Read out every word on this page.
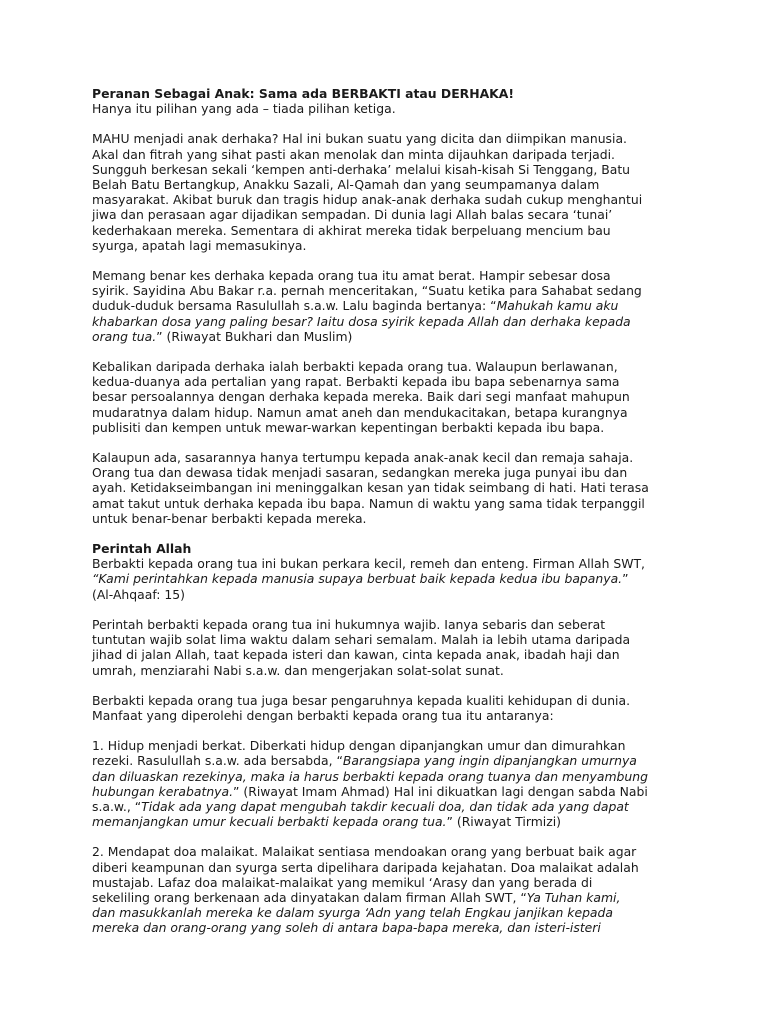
Peranan Sebagai Anak: Sama ada BERBAKTI atau DERHAKA!
Hanya itu pilihan yang ada – tiada pilihan ketiga.
MAHU menjadi anak derhaka? Hal ini bukan suatu yang dicita dan diimpikan manusia.
Akal dan fitrah yang sihat pasti akan menolak dan minta dijauhkan daripada terjadi.
Sungguh berkesan sekali ‘kempen anti-derhaka’ melalui kisah-kisah Si Tenggang, Batu
Belah Batu Bertangkup, Anakku Sazali, Al-Qamah dan yang seumpamanya dalam
masyarakat. Akibat buruk dan tragis hidup anak-anak derhaka sudah cukup menghantui
jiwa dan perasaan agar dijadikan sempadan. Di dunia lagi Allah balas secara ‘tunai’
kederhakaan mereka. Sementara di akhirat mereka tidak berpeluang mencium bau
syurga, apatah lagi memasukinya.
Memang benar kes derhaka kepada orang tua itu amat berat. Hampir sebesar dosa
syirik. Sayidina Abu Bakar r.a. pernah menceritakan, “Suatu ketika para Sahabat sedang
duduk-duduk bersama Rasulullah s.a.w. Lalu baginda bertanya: “Mahukah kamu aku
khabarkan dosa yang paling besar? Iaitu dosa syirik kepada Allah dan derhaka kepada
orang tua.” (Riwayat Bukhari dan Muslim)
Kebalikan daripada derhaka ialah berbakti kepada orang tua. Walaupun berlawanan,
kedua-duanya ada pertalian yang rapat. Berbakti kepada ibu bapa sebenarnya sama
besar persoalannya dengan derhaka kepada mereka. Baik dari segi manfaat mahupun
mudaratnya dalam hidup. Namun amat aneh dan mendukacitakan, betapa kurangnya
publisiti dan kempen untuk mewar-warkan kepentingan berbakti kepada ibu bapa.
Kalaupun ada, sasarannya hanya tertumpu kepada anak-anak kecil dan remaja sahaja.
Orang tua dan dewasa tidak menjadi sasaran, sedangkan mereka juga punyai ibu dan
ayah. Ketidakseimbangan ini meninggalkan kesan yan tidak seimbang di hati. Hati terasa
amat takut untuk derhaka kepada ibu bapa. Namun di waktu yang sama tidak terpanggil
untuk benar-benar berbakti kepada mereka.
Perintah Allah
Berbakti kepada orang tua ini bukan perkara kecil, remeh dan enteng. Firman Allah SWT,
“Kami perintahkan kepada manusia supaya berbuat baik kepada kedua ibu bapanya.”
(Al-Ahqaaf: 15)
Perintah berbakti kepada orang tua ini hukumnya wajib. Ianya sebaris dan seberat
tuntutan wajib solat lima waktu dalam sehari semalam. Malah ia lebih utama daripada
jihad di jalan Allah, taat kepada isteri dan kawan, cinta kepada anak, ibadah haji dan
umrah, menziarahi Nabi s.a.w. dan mengerjakan solat-solat sunat.
Berbakti kepada orang tua juga besar pengaruhnya kepada kualiti kehidupan di dunia.
Manfaat yang diperolehi dengan berbakti kepada orang tua itu antaranya:
1. Hidup menjadi berkat. Diberkati hidup dengan dipanjangkan umur dan dimurahkan
rezeki. Rasulullah s.a.w. ada bersabda, “Barangsiapa yang ingin dipanjangkan umurnya
dan diluaskan rezekinya, maka ia harus berbakti kepada orang tuanya dan menyambung
hubungan kerabatnya.” (Riwayat Imam Ahmad) Hal ini dikuatkan lagi dengan sabda Nabi
s.a.w., “Tidak ada yang dapat mengubah takdir kecuali doa, dan tidak ada yang dapat
memanjangkan umur kecuali berbakti kepada orang tua.” (Riwayat Tirmizi)
2. Mendapat doa malaikat. Malaikat sentiasa mendoakan orang yang berbuat baik agar
diberi keampunan dan syurga serta dipelihara daripada kejahatan. Doa malaikat adalah
mustajab. Lafaz doa malaikat-malaikat yang memikul ‘Arasy dan yang berada di
sekeliling orang berkenaan ada dinyatakan dalam firman Allah SWT, “Ya Tuhan kami,
dan masukkanlah mereka ke dalam syurga ‘Adn yang telah Engkau janjikan kepada
mereka dan orang-orang yang soleh di antara bapa-bapa mereka, dan isteri-isteri
